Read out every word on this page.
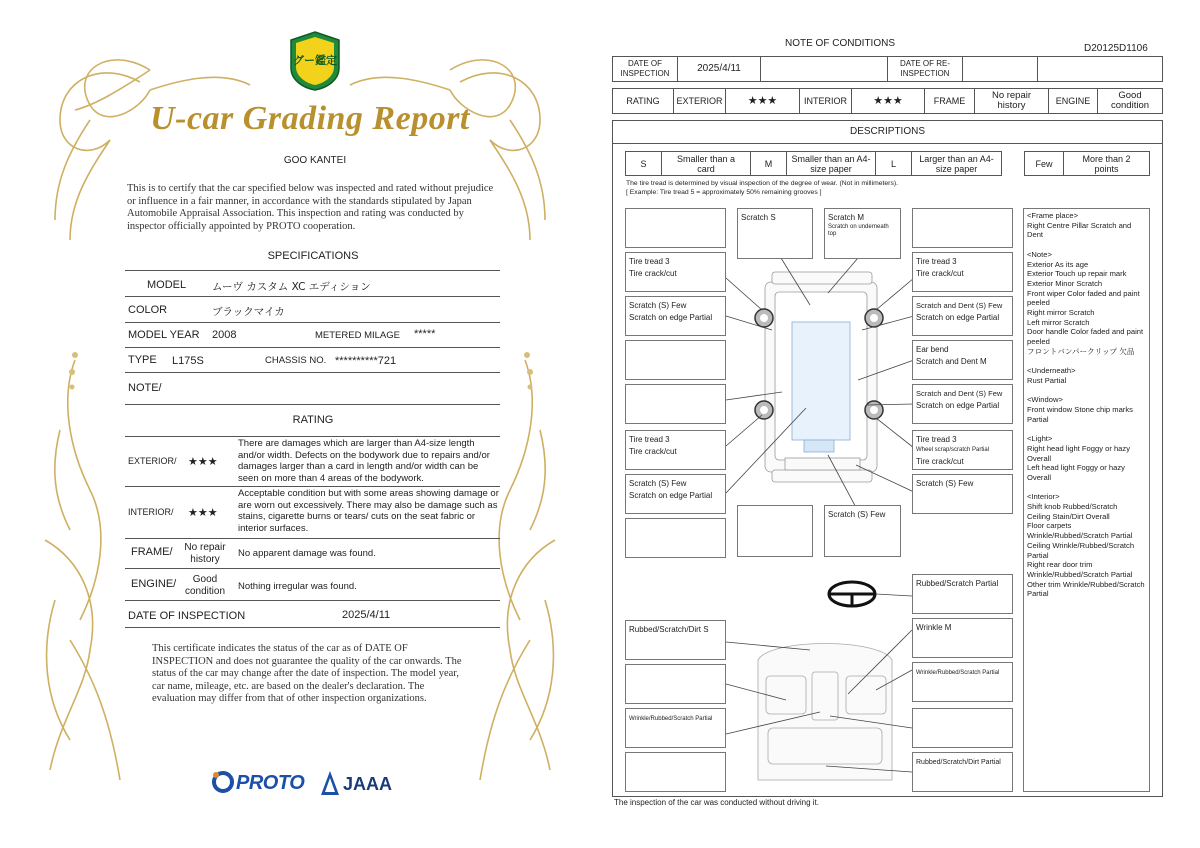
グー鑑定
U-car Grading Report
GOO KANTEI
This is to certify that the car specified below was inspected and rated without prejudice or influence in a fair manner, in accordance with the standards stipulated by Japan Automobile Appraisal Association. This inspection and rating was conducted by inspector officially appointed by PROTO cooperation.
SPECIFICATIONS
MODEL ムーヴ カスタム XC エディション
COLOR	ブラックマイカ
MODEL YEAR 2008	METERED MILAGE *****
TYPE L175S	CHASSIS NO. **********721
NOTE/
RATING
EXTERIOR/ ★★★
There are damages which are larger than A4-size length and/or width. Defects on the bodywork due to repairs and/or damages larger than a card in length and/or width can be seen on more than 4 areas of the bodywork.
INTERIOR/ ★★★
Acceptable condition but with some areas showing damage or are worn out excessively. There may also be damage such as stains, cigarette burns or tears/ cuts on the seat fabric or interior surfaces.
FRAME/	No repair history
No apparent damage was found.
ENGINE/	Good condition	Nothing irregular was found.
DATE OF INSPECTION	2025/4/11
This certificate indicates the status of the car as of DATE OF INSPECTION and does not guarantee the quality of the car onwards. The status of the car may change after the date of inspection. The model year, car name, mileage, etc. are based on the dealer's declaration. The evaluation may differ from that of other inspection organizations.
PROTO JAAA
NOTE OF CONDITIONS	D20125D1106
DATE OF INSPECTION	2025/4/11	DATE OF RE-INSPECTION
RATING	EXTERIOR	★★★	INTERIOR	★★★	FRAME	No repair history	ENGINE	Good condition
DESCRIPTIONS
S	Smaller than a card	M	Smaller than an A4-size paper	L	Larger than an A4-size paper	Few	More than 2 points
The tire tread is determined by visual inspection of the degree of wear. (Not in millimeters).
[ Example: Tire tread 5 = approximately 50% remaining grooves ]
Scratch S	Scratch M
Scratch on underneath top
Tire tread 3
Tire crack/cut
Scratch (S) Few
Scratch on edge Partial
Tire tread 3
Tire crack/cut
Scratch (S) Few
Scratch on edge Partial
Scratch (S) Few
Tire tread 3
Tire crack/cut
Scratch and Dent (S) Few
Scratch on edge Partial
Ear bend
Scratch and Dent M
Scratch and Dent (S) Few
Scratch on edge Partial
Tire tread 3
Wheel scrap/scratch Partial
Tire crack/cut
Scratch (S) Few
Rubbed/Scratch Partial
Rubbed/Scratch/Dirt S	Wrinkle M
Wrinkle/Rubbed/Scratch Partial
Wrinkle/Rubbed/Scratch Partial
Rubbed/Scratch/Dirt Partial
<Frame place>
Right Centre Pillar Scratch and Dent
<Note>
Exterior As its age
Exterior Touch up repair mark
Exterior Minor Scratch
Front wiper Color faded and paint peeled
Right mirror Scratch
Left mirror Scratch
Door handle Color faded and paint peeled
フロントバンパークリップ 欠品
<Underneath>
Rust Partial
<Window>
Front window Stone chip marks Partial
<Light>
Right head light Foggy or hazy Overall
Left head light Foggy or hazy Overall
<Interior>
Shift knob Rubbed/Scratch
Ceiling Stain/Dirt Overall
Floor carpets Wrinkle/Rubbed/Scratch Partial
Ceiling Wrinkle/Rubbed/Scratch Partial
Right rear door trim Wrinkle/Rubbed/Scratch Partial
Other trim Wrinkle/Rubbed/Scratch Partial
The inspection of the car was conducted without driving it.
